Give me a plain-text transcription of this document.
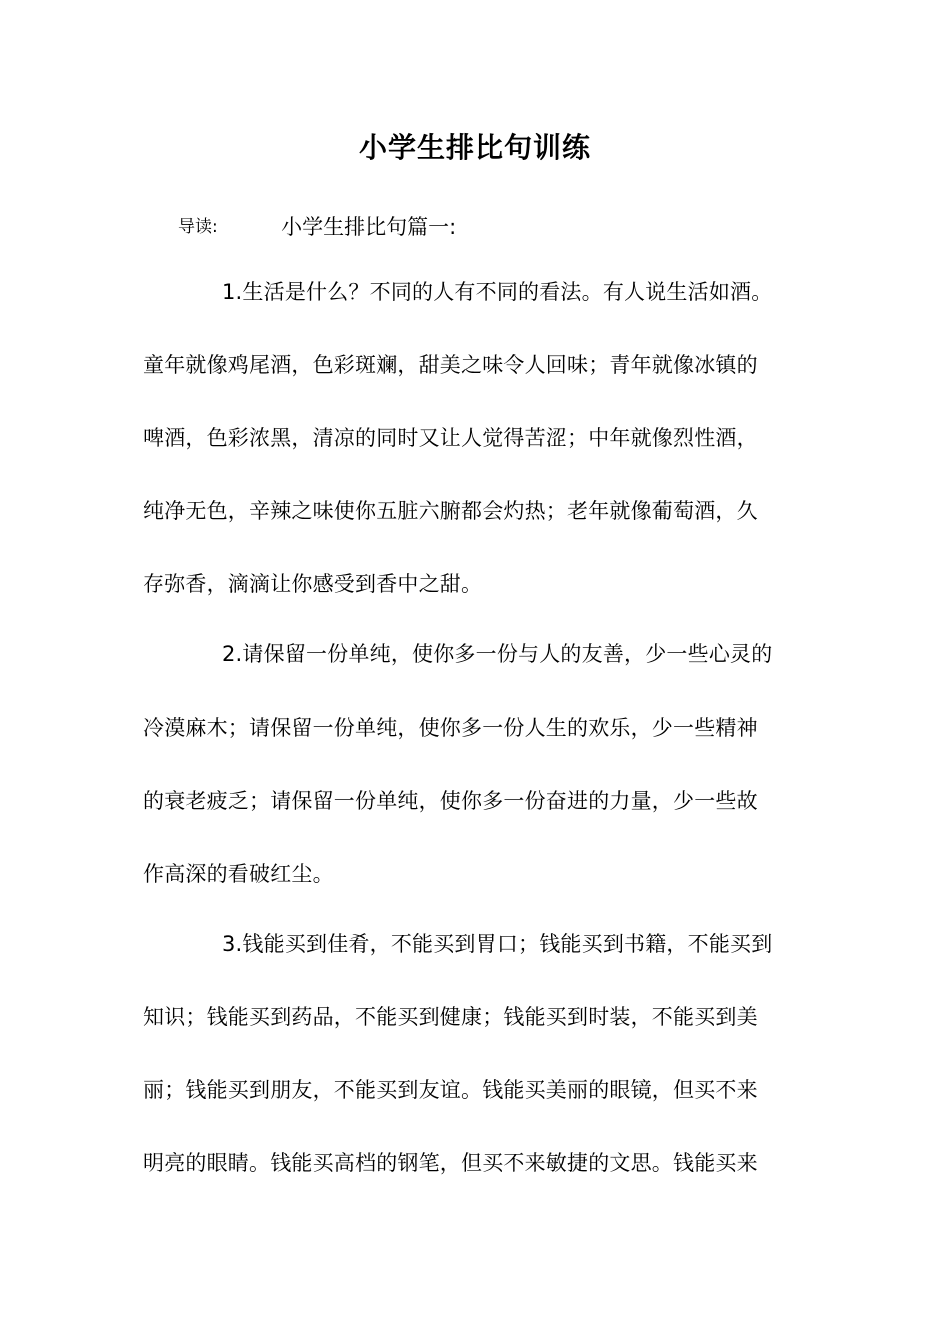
小学生排比句训练
导读:	小学生排比句篇一:
1.生活是什么？不同的人有不同的看法。有人说生活如酒。
童年就像鸡尾酒，色彩斑斓，甜美之味令人回味；青年就像冰镇的
啤酒，色彩浓黑，清凉的同时又让人觉得苦涩；中年就像烈性酒，
纯净无色，辛辣之味使你五脏六腑都会灼热；老年就像葡萄酒，久
存弥香，滴滴让你感受到香中之甜。
2.请保留一份单纯，使你多一份与人的友善，少一些心灵的
冷漠麻木；请保留一份单纯，使你多一份人生的欢乐，少一些精神
的衰老疲乏；请保留一份单纯，使你多一份奋进的力量，少一些故
作高深的看破红尘。
3.钱能买到佳肴，不能买到胃口；钱能买到书籍，不能买到
知识；钱能买到药品，不能买到健康；钱能买到时装，不能买到美
丽；钱能买到朋友，不能买到友谊。钱能买美丽的眼镜，但买不来
明亮的眼睛。钱能买高档的钢笔，但买不来敏捷的文思。钱能买来
